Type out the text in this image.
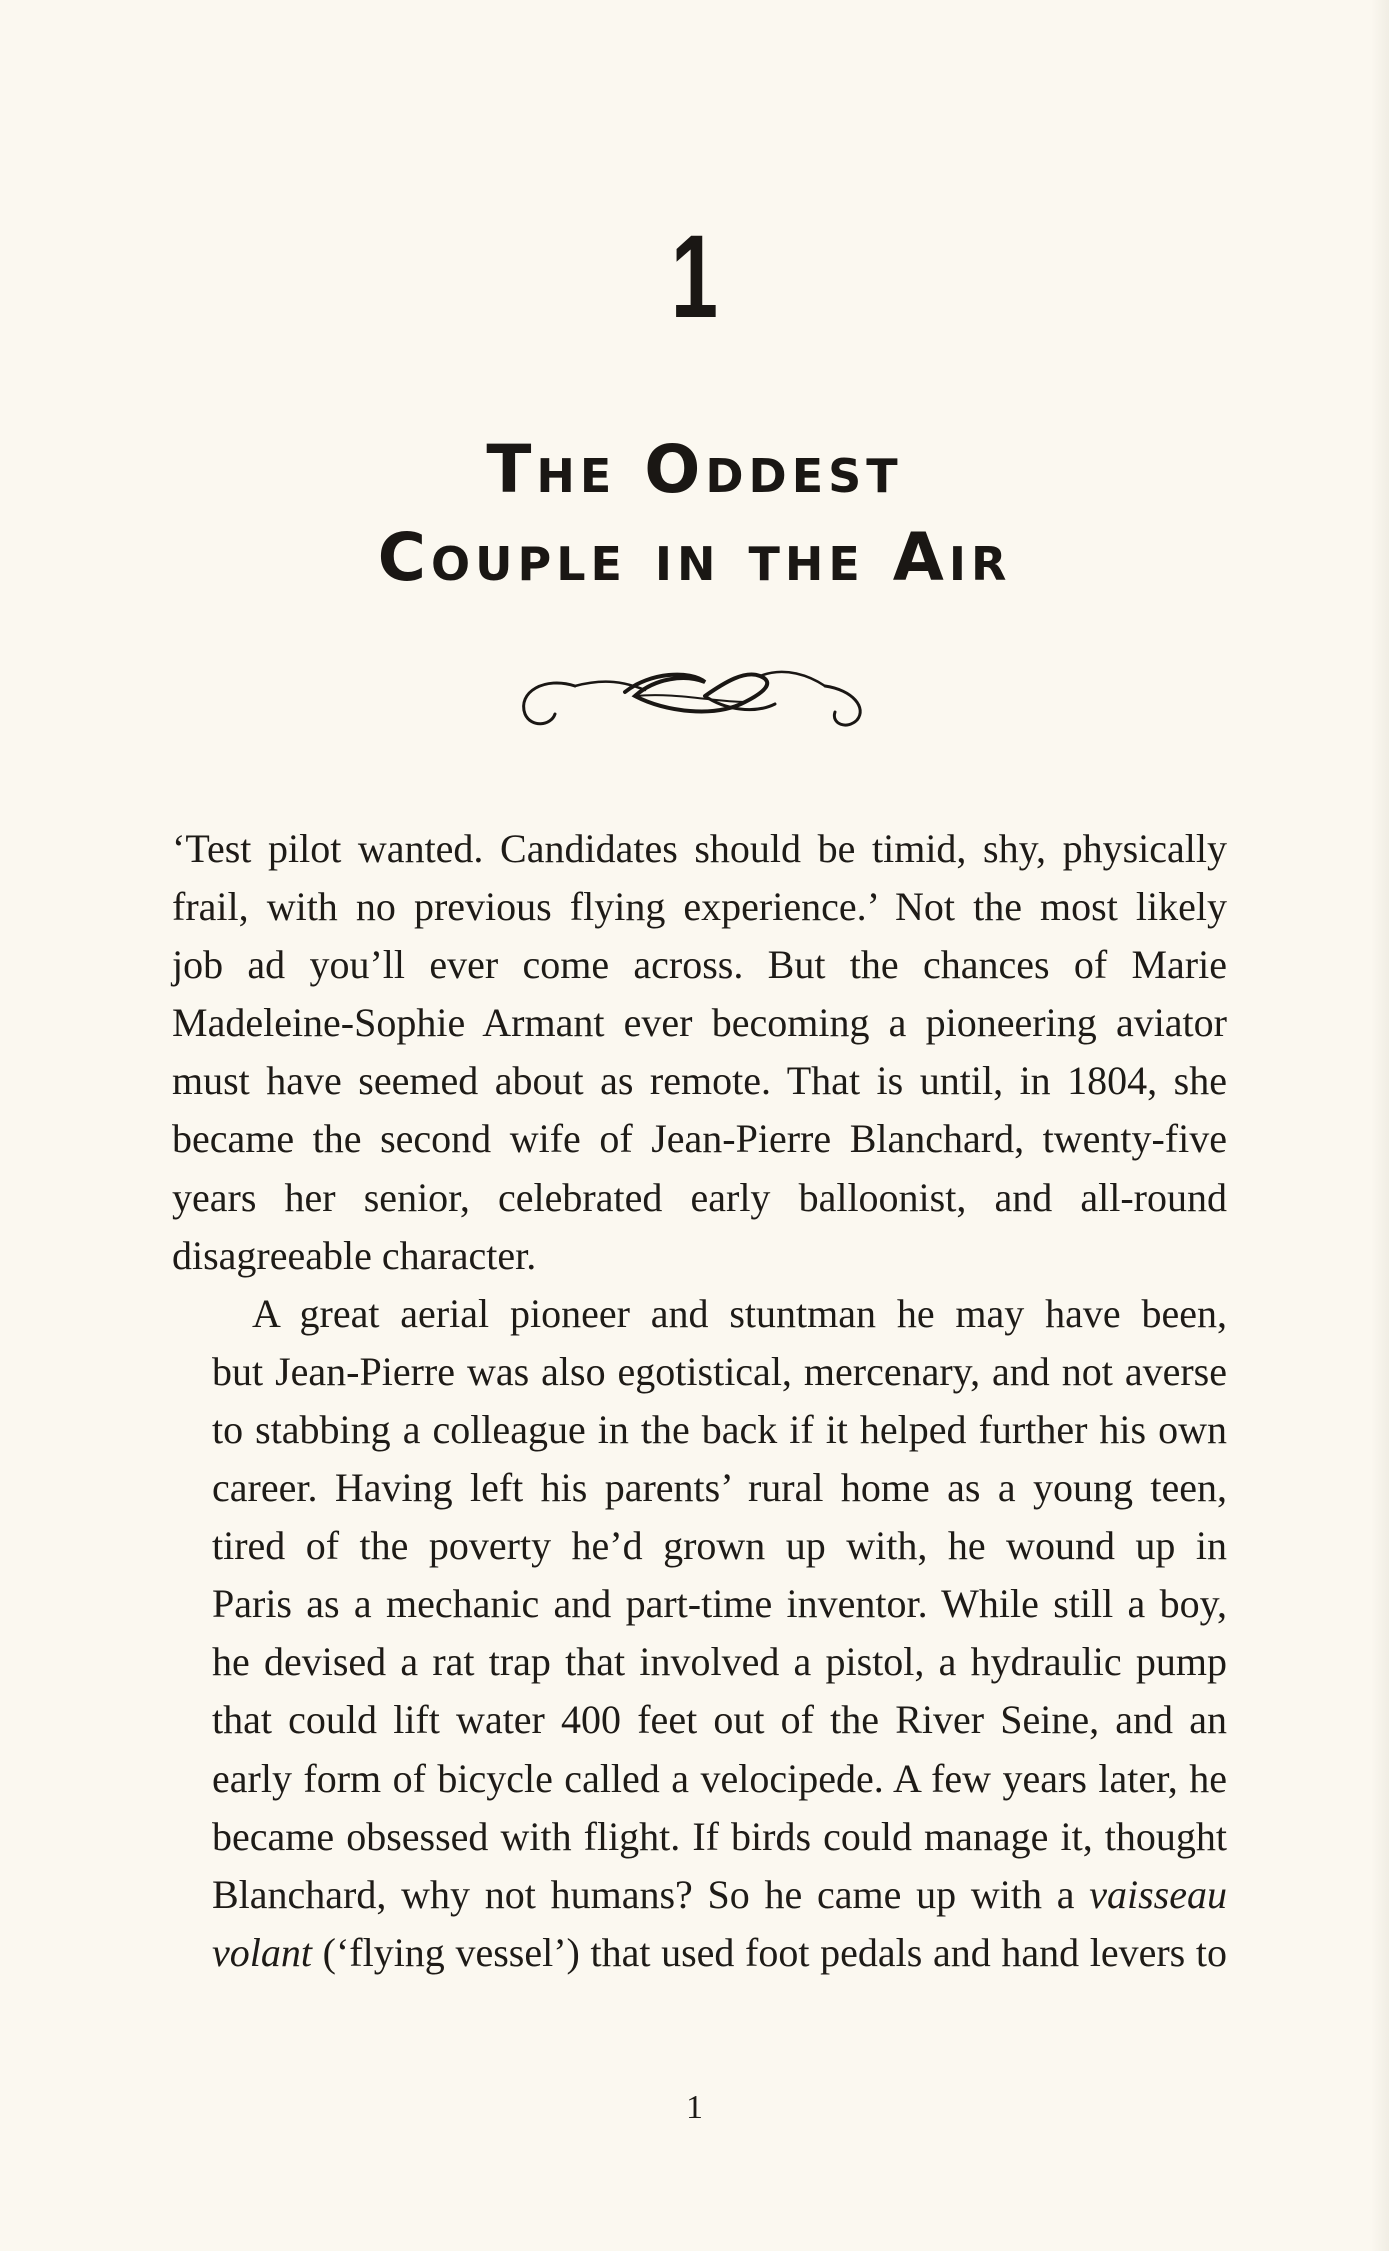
1
The Oddest
Couple in the Air

‘Test pilot wanted. Candidates should be timid, shy, physically
frail, with no previous flying experience.’ Not the most likely
job ad you’ll ever come across. But the chances of Marie
Madeleine-Sophie Armant ever becoming a pioneering aviator
must have seemed about as remote. That is until, in 1804, she
became the second wife of Jean-Pierre Blanchard, twenty-five
years her senior, celebrated early balloonist, and all-round
disagreeable character.

A great aerial pioneer and stuntman he may have been,
but Jean-Pierre was also egotistical, mercenary, and not averse
to stabbing a colleague in the back if it helped further his own
career. Having left his parents’ rural home as a young teen,
tired of the poverty he’d grown up with, he wound up in
Paris as a mechanic and part-time inventor. While still a boy,
he devised a rat trap that involved a pistol, a hydraulic pump
that could lift water 400 feet out of the River Seine, and an
early form of bicycle called a velocipede. A few years later, he
became obsessed with flight. If birds could manage it, thought
Blanchard, why not humans? So he came up with a vaisseau
volant (‘flying vessel’) that used foot pedals and hand levers to

1
